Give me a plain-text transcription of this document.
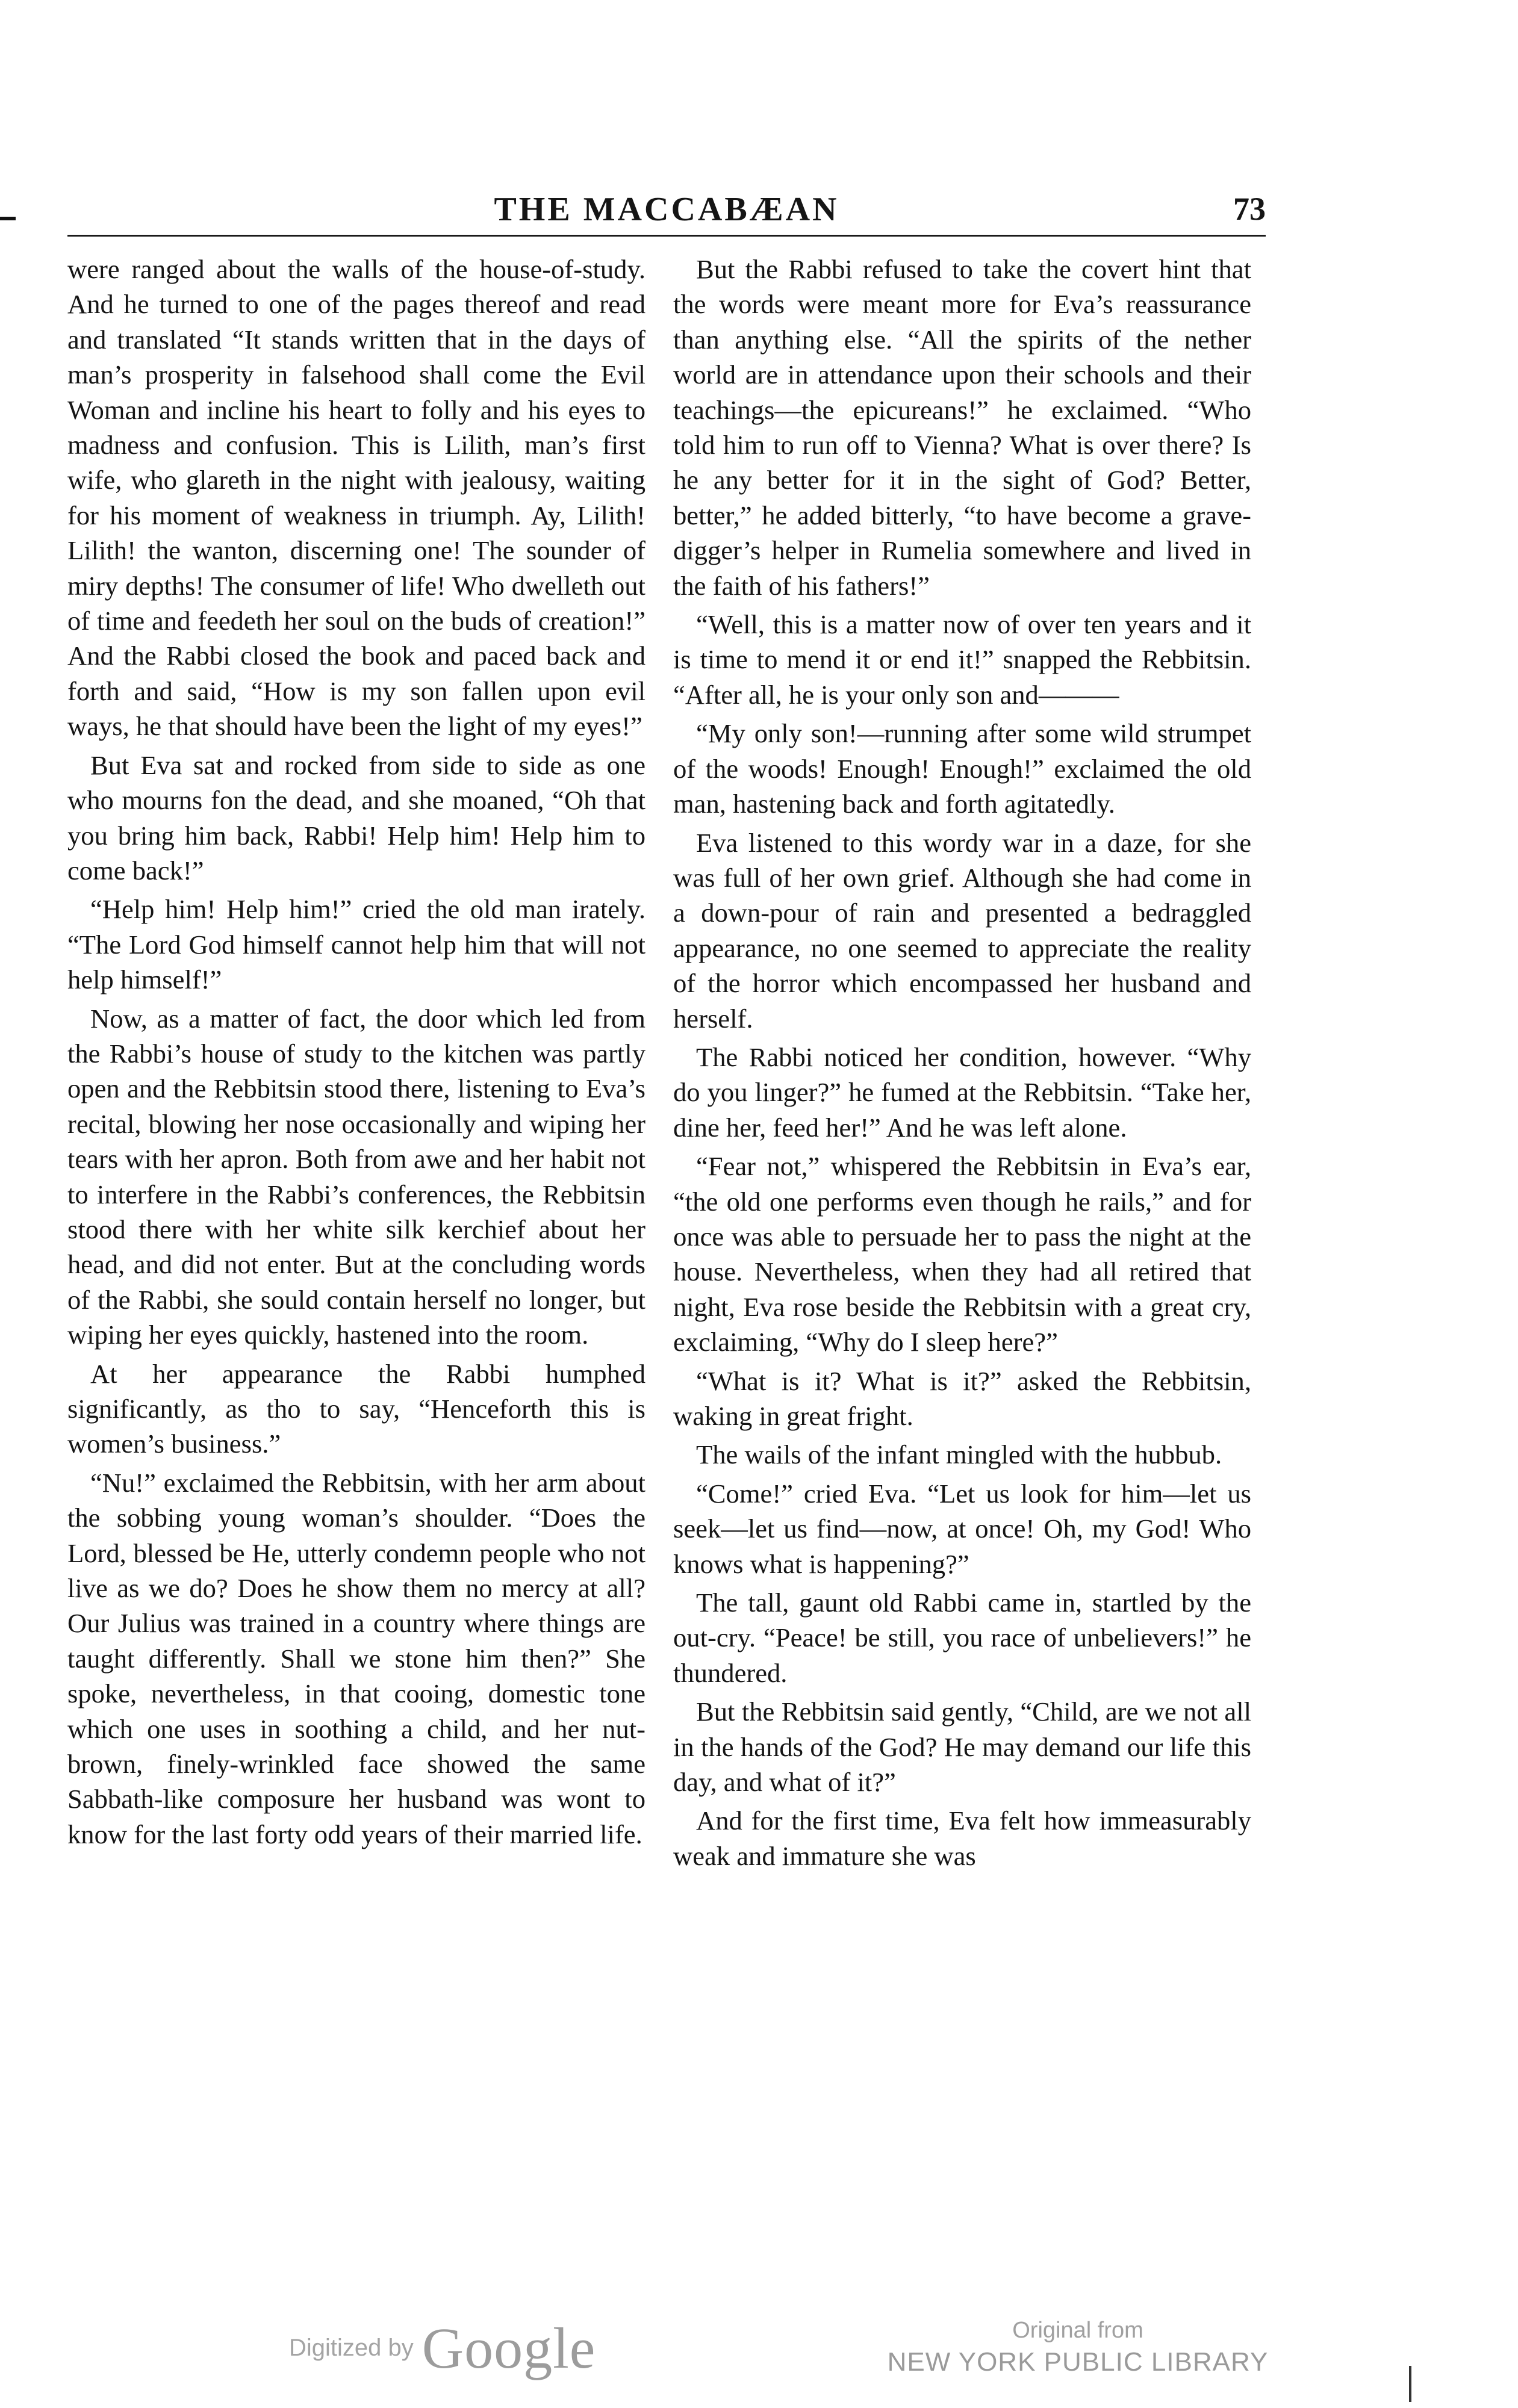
THE MACCABÆAN	73

were ranged about the walls of the house-of-study. And he turned to one of the pages thereof and read and translated “It stands written that in the days of man’s prosperity in falsehood shall come the Evil Woman and incline his heart to folly and his eyes to madness and confusion. This is Lilith, man’s first wife, who glareth in the night with jealousy, waiting for his moment of weakness in triumph. Ay, Lilith! Lilith! the wanton, discerning one! The sounder of miry depths! The consumer of life! Who dwelleth out of time and feedeth her soul on the buds of creation!” And the Rabbi closed the book and paced back and forth and said, “How is my son fallen upon evil ways, he that should have been the light of my eyes!”

But Eva sat and rocked from side to side as one who mourns fon the dead, and she moaned, “Oh that you bring him back, Rabbi! Help him! Help him to come back!”

“Help him! Help him!” cried the old man irately. “The Lord God himself cannot help him that will not help himself!”

Now, as a matter of fact, the door which led from the Rabbi’s house of study to the kitchen was partly open and the Rebbitsin stood there, listening to Eva’s recital, blowing her nose occasionally and wiping her tears with her apron. Both from awe and her habit not to interfere in the Rabbi’s conferences, the Rebbitsin stood there with her white silk kerchief about her head, and did not enter. But at the concluding words of the Rabbi, she sould contain herself no longer, but wiping her eyes quickly, hastened into the room.

At her appearance the Rabbi humphed significantly, as tho to say, “Henceforth this is women’s business.”

“Nu!” exclaimed the Rebbitsin, with her arm about the sobbing young woman’s shoulder. “Does the Lord, blessed be He, utterly condemn people who not live as we do? Does he show them no mercy at all? Our Julius was trained in a country where things are taught differently. Shall we stone him then?” She spoke, nevertheless, in that cooing, domestic tone which one uses in soothing a child, and her nut-brown, finely-wrinkled face showed the same Sabbath-like composure her husband was wont to know for the last forty odd years of their married life.

But the Rabbi refused to take the covert hint that the words were meant more for Eva’s reassurance than anything else. “All the spirits of the nether world are in attendance upon their schools and their teachings—the epicureans!” he exclaimed. “Who told him to run off to Vienna? What is over there? Is he any better for it in the sight of God? Better, better,” he added bitterly, “to have become a grave-digger’s helper in Rumelia somewhere and lived in the faith of his fathers!”

“Well, this is a matter now of over ten years and it is time to mend it or end it!” snapped the Rebbitsin. “After all, he is your only son and———

“My only son!—running after some wild strumpet of the woods! Enough! Enough!” exclaimed the old man, hastening back and forth agitatedly.

Eva listened to this wordy war in a daze, for she was full of her own grief. Although she had come in a down-pour of rain and presented a bedraggled appearance, no one seemed to appreciate the reality of the horror which encompassed her husband and herself.

The Rabbi noticed her condition, however. “Why do you linger?” he fumed at the Rebbitsin. “Take her, dine her, feed her!” And he was left alone.

“Fear not,” whispered the Rebbitsin in Eva’s ear, “the old one performs even though he rails,” and for once was able to persuade her to pass the night at the house. Nevertheless, when they had all retired that night, Eva rose beside the Rebbitsin with a great cry, exclaiming, “Why do I sleep here?”

“What is it? What is it?” asked the Rebbitsin, waking in great fright.

The wails of the infant mingled with the hubbub.

“Come!” cried Eva. “Let us look for him—let us seek—let us find—now, at once! Oh, my God! Who knows what is happening?”

The tall, gaunt old Rabbi came in, startled by the out-cry. “Peace! be still, you race of unbelievers!” he thundered.

But the Rebbitsin said gently, “Child, are we not all in the hands of the God? He may demand our life this day, and what of it?”

And for the first time, Eva felt how immeasurably weak and immature she was

Digitized by Google	Original from
NEW YORK PUBLIC LIBRARY
